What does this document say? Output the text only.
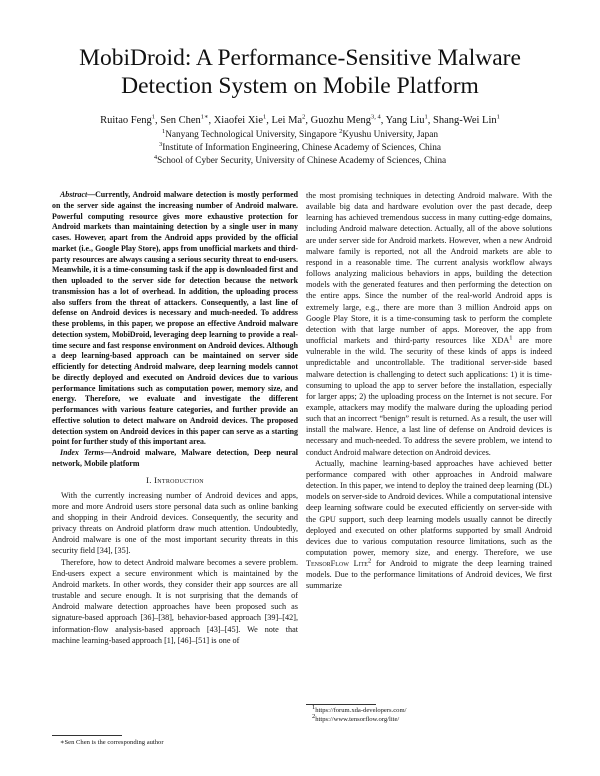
MobiDroid: A Performance-Sensitive Malware
Detection System on Mobile Platform
Ruitao Feng$^1$, Sen Chen$^{1∗}$, Xiaofei Xie$^1$, Lei Ma$^2$, Guozhu Meng$^{3, 4}$, Yang Liu$^1$, Shang-Wei Lin$^1$
$^1$Nanyang Technological University, Singapore $^2$Kyushu University, Japan
$^3$Institute of Information Engineering, Chinese Academy of Sciences, China
$^4$School of Cyber Security, University of Chinese Academy of Sciences, China

Abstract—Currently, Android malware detection is mostly performed on the server side against the increasing number of Android malware. Powerful computing resource gives more exhaustive protection for Android markets than maintaining detection by a single user in many cases. However, apart from the Android apps provided by the official market (i.e., Google Play Store), apps from unofficial markets and third-party resources are always causing a serious security threat to end-users. Meanwhile, it is a time-consuming task if the app is downloaded first and then uploaded to the server side for detection because the network transmission has a lot of overhead. In addition, the uploading process also suffers from the threat of attackers. Consequently, a last line of defense on Android devices is necessary and much-needed. To address these problems, in this paper, we propose an effective Android malware detection system, MobiDroid, leveraging deep learning to provide a real-time secure and fast response environment on Android devices. Although a deep learning-based approach can be maintained on server side efficiently for detecting Android malware, deep learning models cannot be directly deployed and executed on Android devices due to various performance limitations such as computation power, memory size, and energy. Therefore, we evaluate and investigate the different performances with various feature categories, and further provide an effective solution to detect malware on Android devices. The proposed detection system on Android devices in this paper can serve as a starting point for further study of this important area.

Index Terms—Android malware, Malware detection, Deep neural network, Mobile platform

I. Introduction

With the currently increasing number of Android devices and apps, more and more Android users store personal data such as online banking and shopping in their Android devices. Consequently, the security and privacy threats on Android platform draw much attention. Undoubtedly, Android malware is one of the most important security threats in this security field [34], [35].

Therefore, how to detect Android malware becomes a severe problem. End-users expect a secure environment which is maintained by the Android markets. In other words, they consider their app sources are all trustable and secure enough. It is not surprising that the demands of Android malware detection approaches have been proposed such as signature-based approach [36]–[38], behavior-based approach [39]–[42], information-flow analysis-based approach [43]–[45]. We note that machine learning-based approach [1], [46]–[51] is one of

the most promising techniques in detecting Android malware. With the available big data and hardware evolution over the past decade, deep learning has achieved tremendous success in many cutting-edge domains, including Android malware detection. Actually, all of the above solutions are under server side for Android markets. However, when a new Android malware family is reported, not all the Android markets are able to respond in a reasonable time. The current analysis workflow always follows analyzing malicious behaviors in apps, building the detection models with the generated features and then performing the detection on the entire apps. Since the number of the real-world Android apps is extremely large, e.g., there are more than 3 million Android apps on Google Play Store, it is a time-consuming task to perform the complete detection with that large number of apps. Moreover, the app from unofficial markets and third-party resources like XDA$^1$ are more vulnerable in the wild. The security of these kinds of apps is indeed unpredictable and uncontrollable. The traditional server-side based malware detection is challenging to detect such applications: 1) it is time-consuming to upload the app to server before the installation, especially for larger apps; 2) the uploading process on the Internet is not secure. For example, attackers may modify the malware during the uploading period such that an incorrect “benign” result is returned. As a result, the user will install the malware. Hence, a last line of defense on Android devices is necessary and much-needed. To address the severe problem, we intend to conduct Android malware detection on Android devices.

Actually, machine learning-based approaches have achieved better performance compared with other approaches in Android malware detection. In this paper, we intend to deploy the trained deep learning (DL) models on server-side to Android devices. While a computational intensive deep learning software could be executed efficiently on server-side with the GPU support, such deep learning models usually cannot be directly deployed and executed on other platforms supported by small Android devices due to various computation resource limitations, such as the computation power, memory size, and energy. Therefore, we use TensorFlow Lite$^2$ for Android to migrate the deep learning trained models. Due to the performance limitations of Android devices, We first summarize

∗Sen Chen is the corresponding author
$^1$https://forum.xda-developers.com/
$^2$https://www.tensorflow.org/lite/
